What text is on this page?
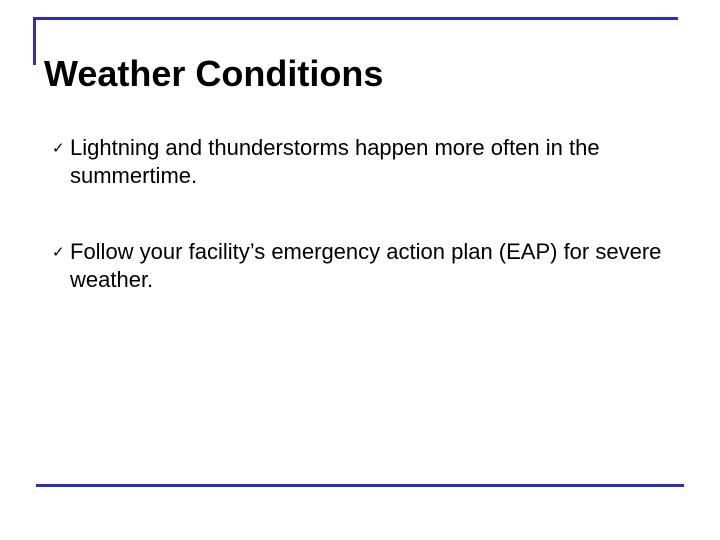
Weather Conditions
✓ Lightning and thunderstorms happen more often in the summertime.
✓ Follow your facility’s emergency action plan (EAP) for severe weather.
